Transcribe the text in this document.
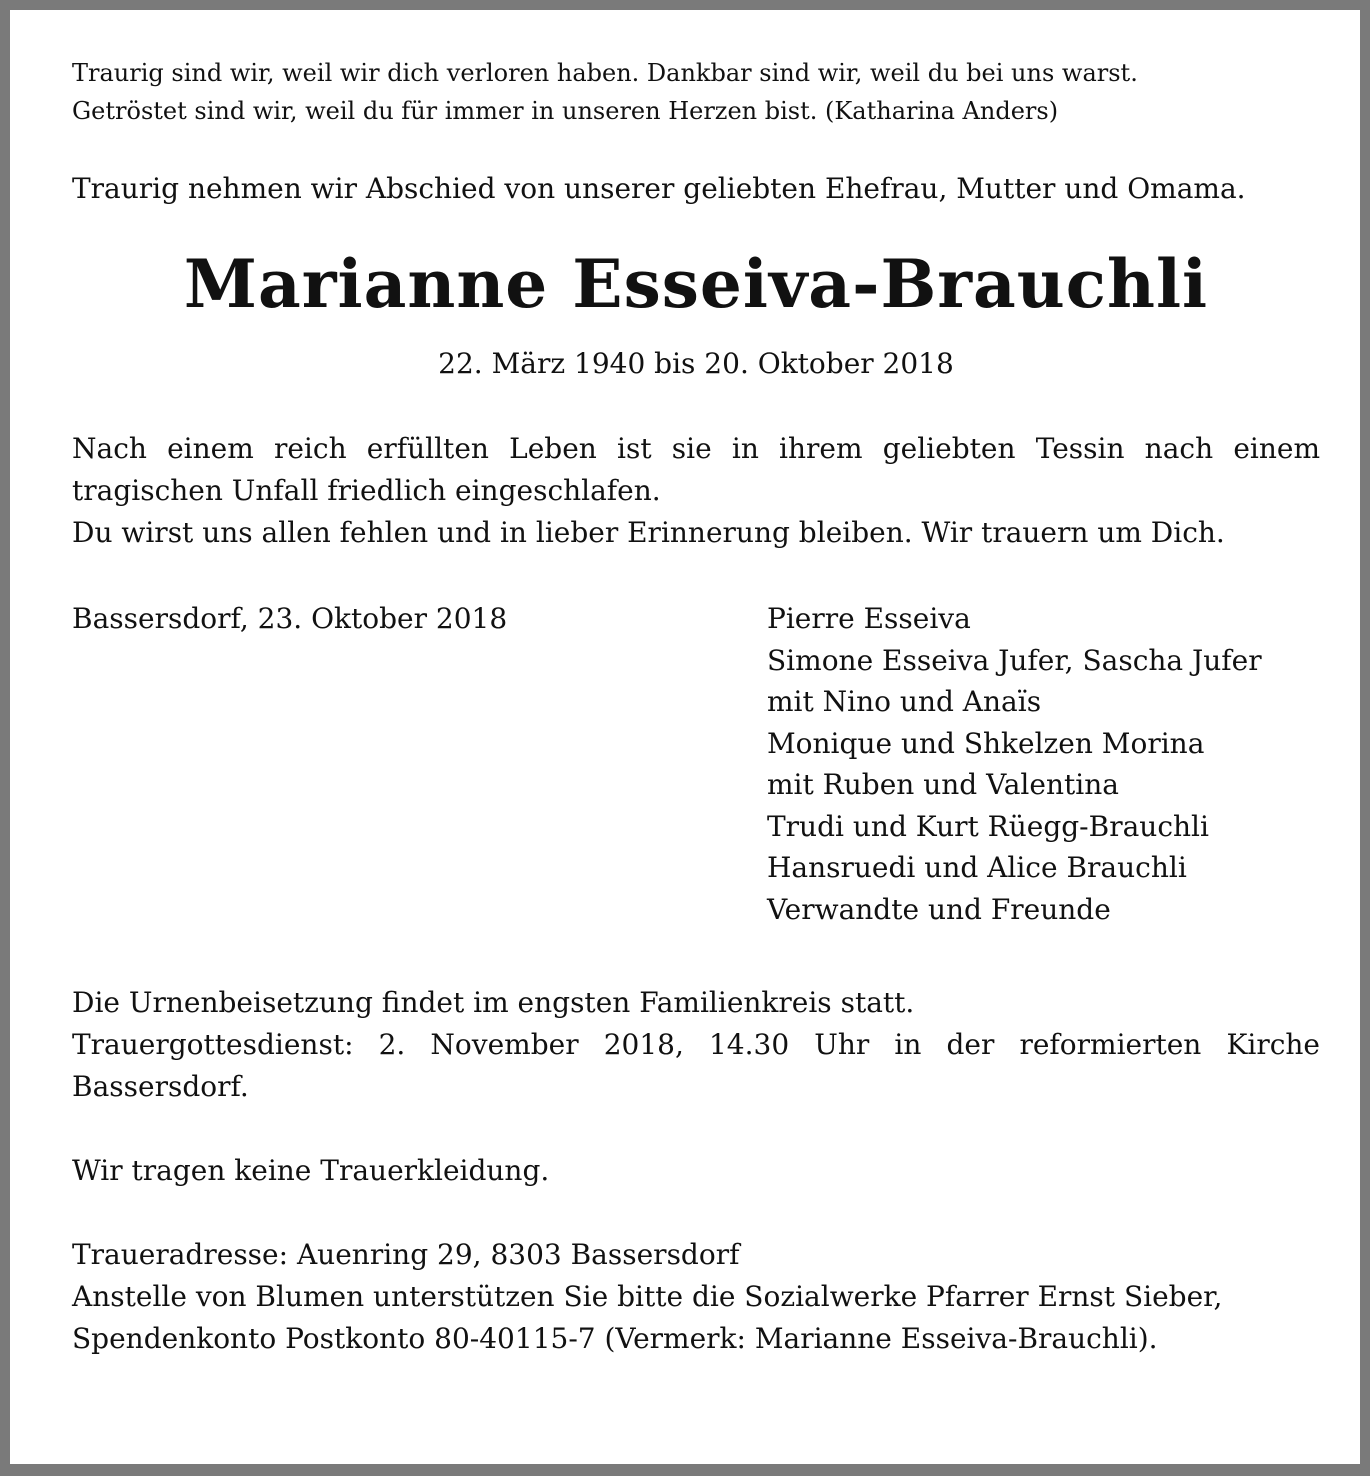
Traurig sind wir, weil wir dich verloren haben. Dankbar sind wir, weil du bei uns warst.

Getröstet sind wir, weil du für immer in unseren Herzen bist. (Katharina Anders)

Traurig nehmen wir Abschied von unserer geliebten Ehefrau, Mutter und Omama.

Marianne Esseiva-Brauchli

22. März 1940 bis 20. Oktober 2018

Nach einem reich erfüllten Leben ist sie in ihrem geliebten Tessin nach einem tragischen Unfall friedlich eingeschlafen.

Du wirst uns allen fehlen und in lieber Erinnerung bleiben. Wir trauern um Dich.

Bassersdorf, 23. Oktober 2018	Pierre Esseiva
Simone Esseiva Jufer, Sascha Jufer
mit Nino und Anaïs
Monique und Shkelzen Morina
mit Ruben und Valentina
Trudi und Kurt Rüegg-Brauchli
Hansruedi und Alice Brauchli
Verwandte und Freunde

Die Urnenbeisetzung findet im engsten Familienkreis statt.

Trauergottesdienst: 2. November 2018, 14.30 Uhr in der reformierten Kirche Bassersdorf.

Wir tragen keine Trauerkleidung.

Traueradresse: Auenring 29, 8303 Bassersdorf

Anstelle von Blumen unterstützen Sie bitte die Sozialwerke Pfarrer Ernst Sieber, Spendenkonto Postkonto 80-40115-7 (Vermerk: Marianne Esseiva-Brauchli).
